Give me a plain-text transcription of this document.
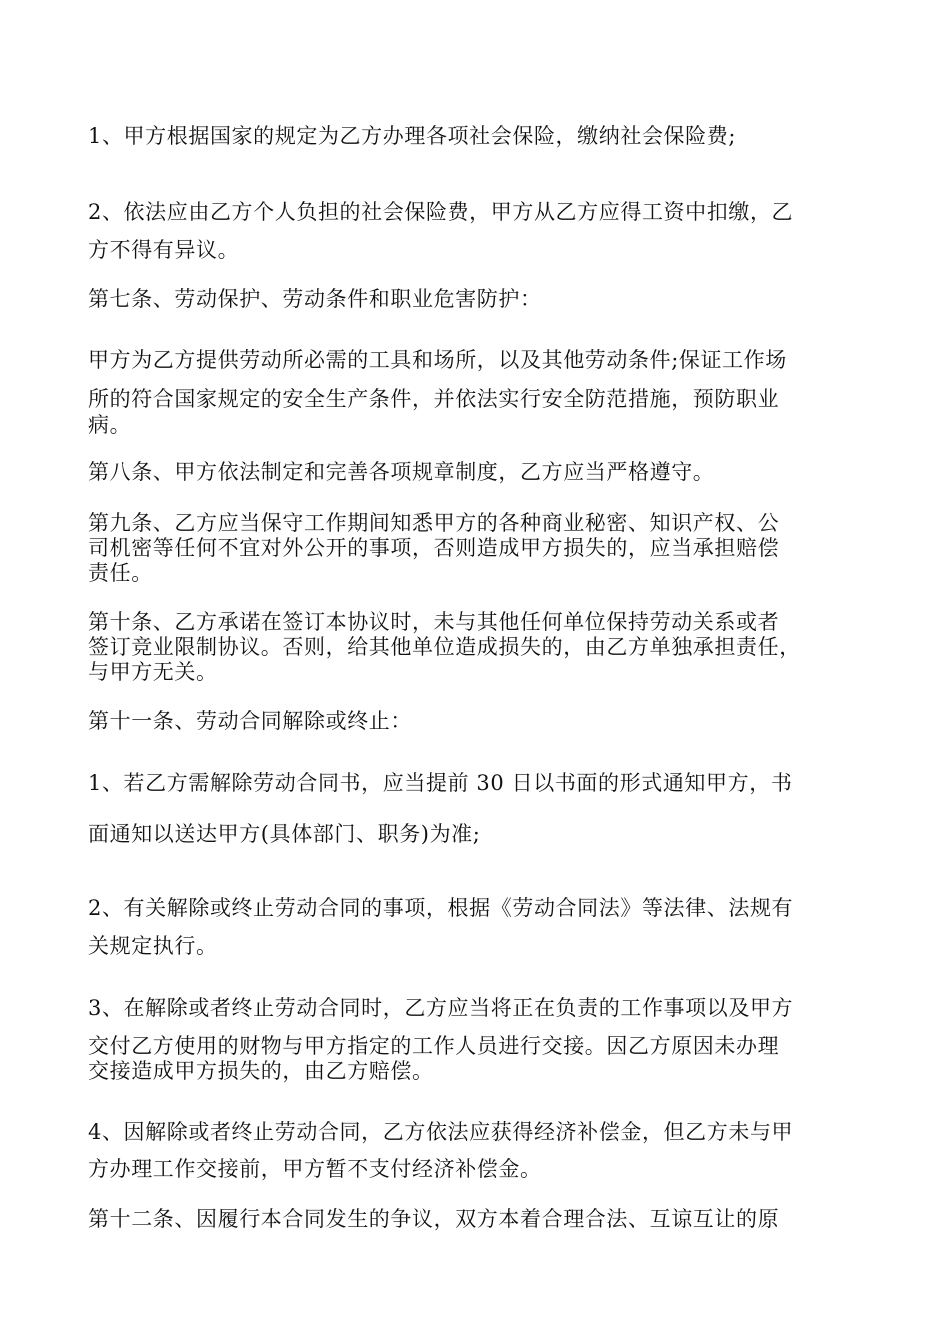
1、甲方根据国家的规定为乙方办理各项社会保险，缴纳社会保险费;

2、依法应由乙方个人负担的社会保险费，甲方从乙方应得工资中扣缴，乙

方不得有异议。

第七条、劳动保护、劳动条件和职业危害防护：

甲方为乙方提供劳动所必需的工具和场所，以及其他劳动条件;保证工作场

所的符合国家规定的安全生产条件，并依法实行安全防范措施，预防职业

病。

第八条、甲方依法制定和完善各项规章制度，乙方应当严格遵守。

第九条、乙方应当保守工作期间知悉甲方的各种商业秘密、知识产权、公

司机密等任何不宜对外公开的事项，否则造成甲方损失的，应当承担赔偿

责任。

第十条、乙方承诺在签订本协议时，未与其他任何单位保持劳动关系或者

签订竞业限制协议。否则，给其他单位造成损失的，由乙方单独承担责任，

与甲方无关。

第十一条、劳动合同解除或终止：

1、若乙方需解除劳动合同书，应当提前 30 日以书面的形式通知甲方，书

面通知以送达甲方(具体部门、职务)为准;

2、有关解除或终止劳动合同的事项，根据《劳动合同法》等法律、法规有

关规定执行。

3、在解除或者终止劳动合同时，乙方应当将正在负责的工作事项以及甲方

交付乙方使用的财物与甲方指定的工作人员进行交接。因乙方原因未办理

交接造成甲方损失的，由乙方赔偿。

4、因解除或者终止劳动合同，乙方依法应获得经济补偿金，但乙方未与甲

方办理工作交接前，甲方暂不支付经济补偿金。

第十二条、因履行本合同发生的争议，双方本着合理合法、互谅互让的原
